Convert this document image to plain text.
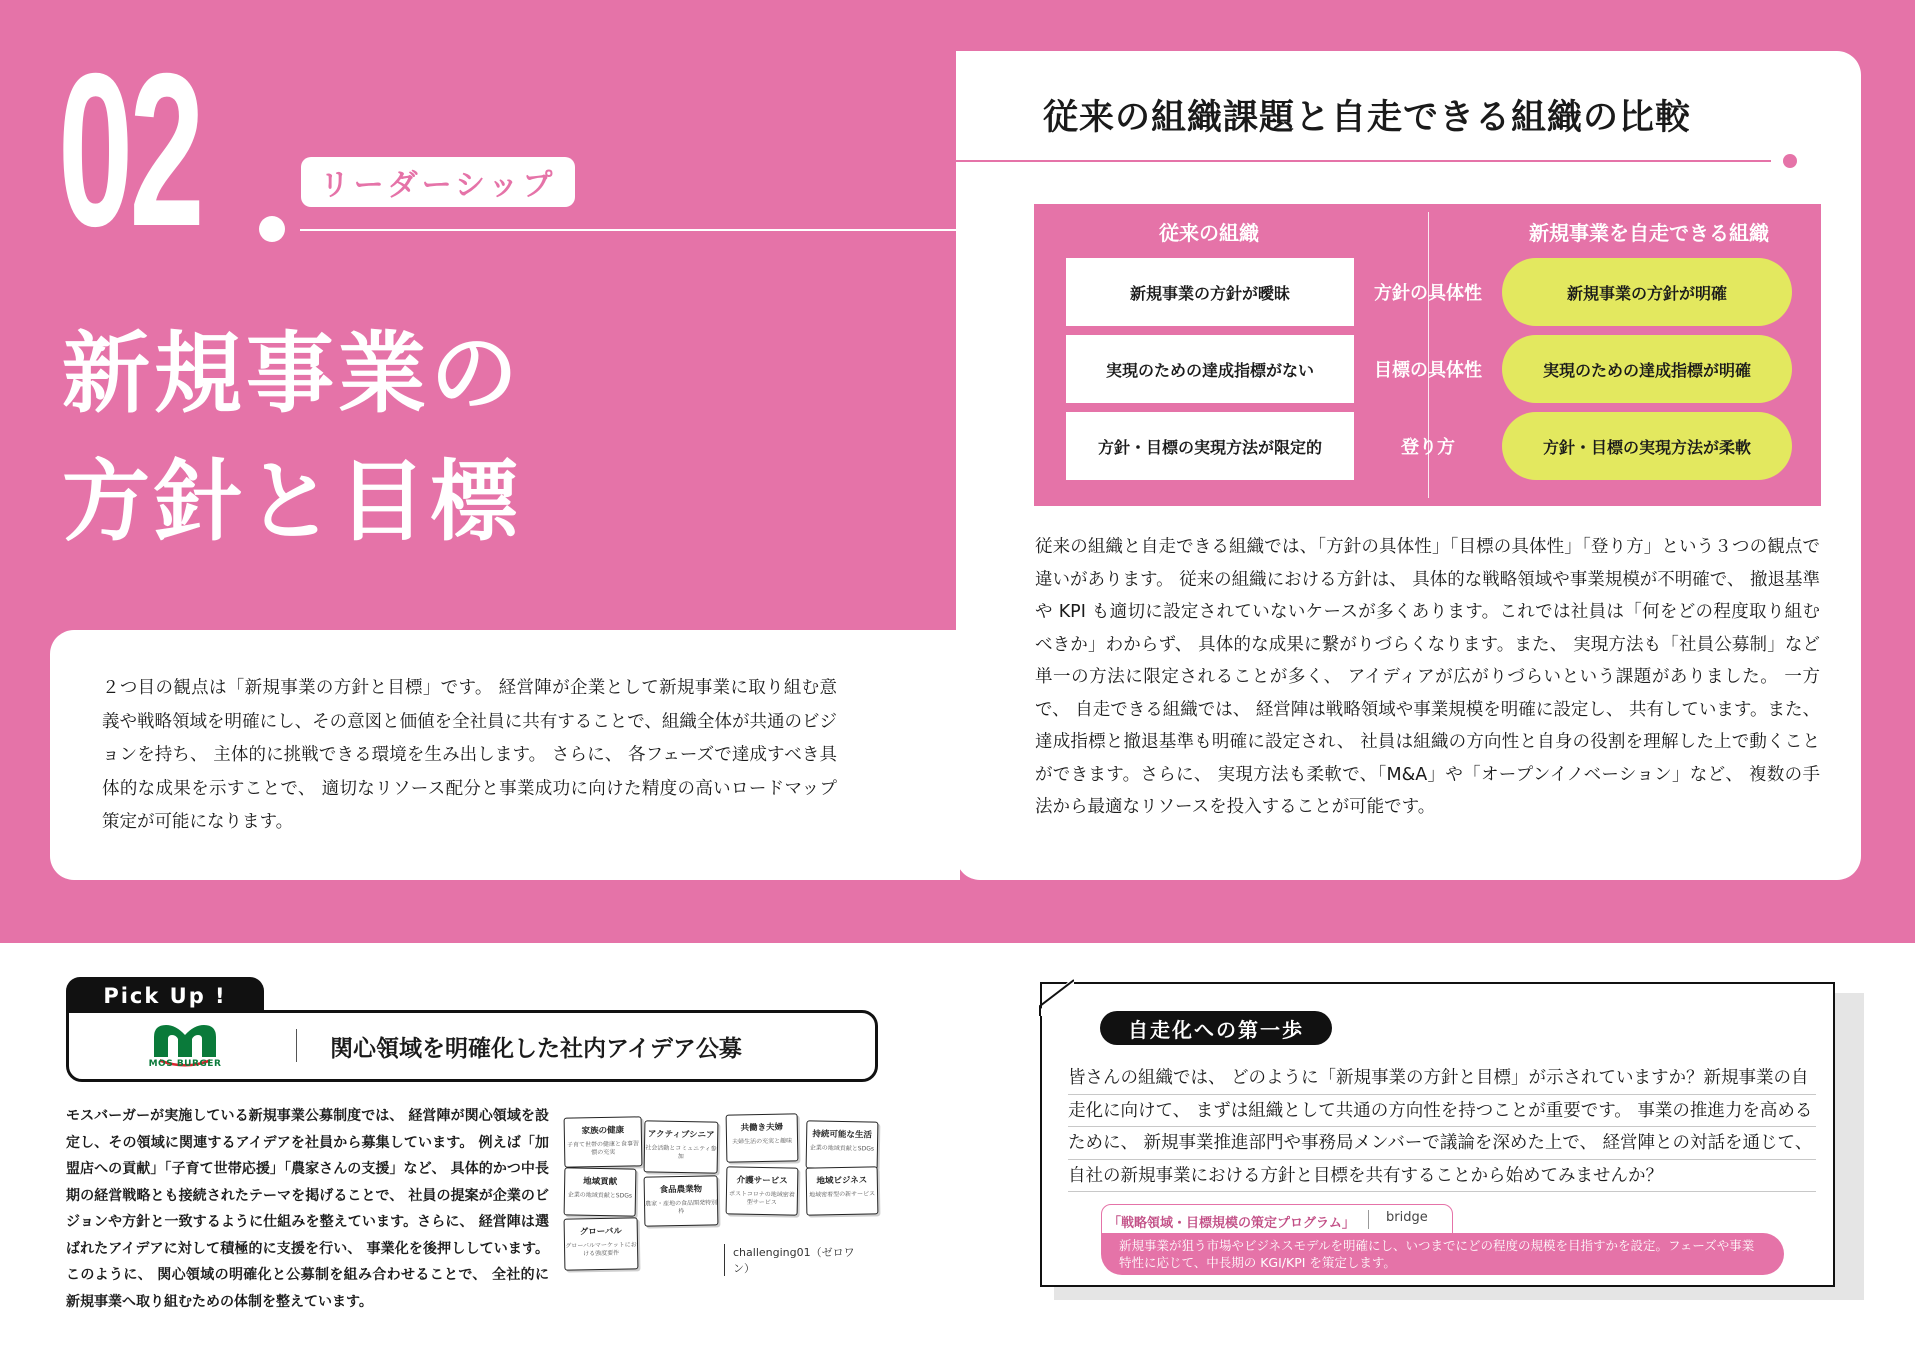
02	リーダーシップ
新規事業の
方針と目標
従来の組織課題と自走できる組織の比較
従来の組織	新規事業を自走できる組織
新規事業の方針が曖昧	方針の具体性	新規事業の方針が明確
実現のための達成指標がない	目標の具体性	実現のための達成指標が明確
方針・目標の実現方法が限定的	登り方	方針・目標の実現方法が柔軟
従来の組織と自走できる組織では、「方針の具体性」「目標の具体性」「登り方」という３つの観点で違いがあります。 従来の組織における方針は、 具体的な戦略領域や事業規模が不明確で、 撤退基準や KPI も適切に設定されていないケースが多くあります。これでは社員は「何をどの程度取り組むべきか」わからず、 具体的な成果に繋がりづらくなります。また、 実現方法も「社員公募制」など単一の方法に限定されることが多く、 アイディアが広がりづらいという課題がありました。 一方で、 自走できる組織では、 経営陣は戦略領域や事業規模を明確に設定し、 共有しています。また、 達成指標と撤退基準も明確に設定され、 社員は組織の方向性と自身の役割を理解した上で動くことができます。さらに、 実現方法も柔軟で、「M&A」や「オープンイノベーション」など、 複数の手法から最適なリソースを投入することが可能です。
２つ目の観点は「新規事業の方針と目標」です。 経営陣が企業として新規事業に取り組む意義や戦略領域を明確にし、その意図と価値を全社員に共有することで、組織全体が共通のビジョンを持ち、 主体的に挑戦できる環境を生み出します。 さらに、 各フェーズで達成すべき具体的な成果を示すことで、 適切なリソース配分と事業成功に向けた精度の高いロードマップ策定が可能になります。
Pick Up !
MOS BURGER
関心領域を明確化した社内アイデア公募
モスバーガーが実施している新規事業公募制度では、 経営陣が関心領域を設定し、その領域に関連するアイデアを社員から募集しています。 例えば「加盟店への貢献」「子育て世帯応援」「農家さんの支援」など、 具体的かつ中長期の経営戦略とも接続されたテーマを掲げることで、 社員の提案が企業のビジョンや方針と一致するように仕組みを整えています。さらに、 経営陣は選ばれたアイデアに対して積極的に支援を行い、 事業化を後押ししています。 このように、 関心領域の明確化と公募制を組み合わせることで、 全社的に新規事業へ取り組むための体制を整えています。
家族の健康
子育て世帯の健康と食事習慣の充実
アクティブシニア
社会活動とコミュニティ参加
共働き夫婦
夫婦生活の充実と趣味
持続可能な生活
企業の地域貢献とSDGs
地域貢献
企業の地域貢献とSDGs
食品農業物
農家・産地の食品開発特別枠
介護サービス
ポストコロナの地域密着型サービス
地域ビジネス
地域密着型の新サービス
グローバル
グローバルマーケットにおける強度要件	challenging01（ゼロワン）
自走化への第一歩
皆さんの組織では、 どのように「新規事業の方針と目標」が示されていますか？新規事業の自走化に向けて、 まずは組織として共通の方向性を持つことが重要です。 事業の推進力を高めるために、 新規事業推進部門や事務局メンバーで議論を深めた上で、 経営陣との対話を通じて、自社の新規事業における方針と目標を共有することから始めてみませんか？
「戦略領域・目標規模の策定プログラム」 bridge
新規事業が狙う市場やビジネスモデルを明確にし、いつまでにどの程度の規模を目指すかを設定。フェーズや事業特性に応じて、中長期の KGI/KPI を策定します。
